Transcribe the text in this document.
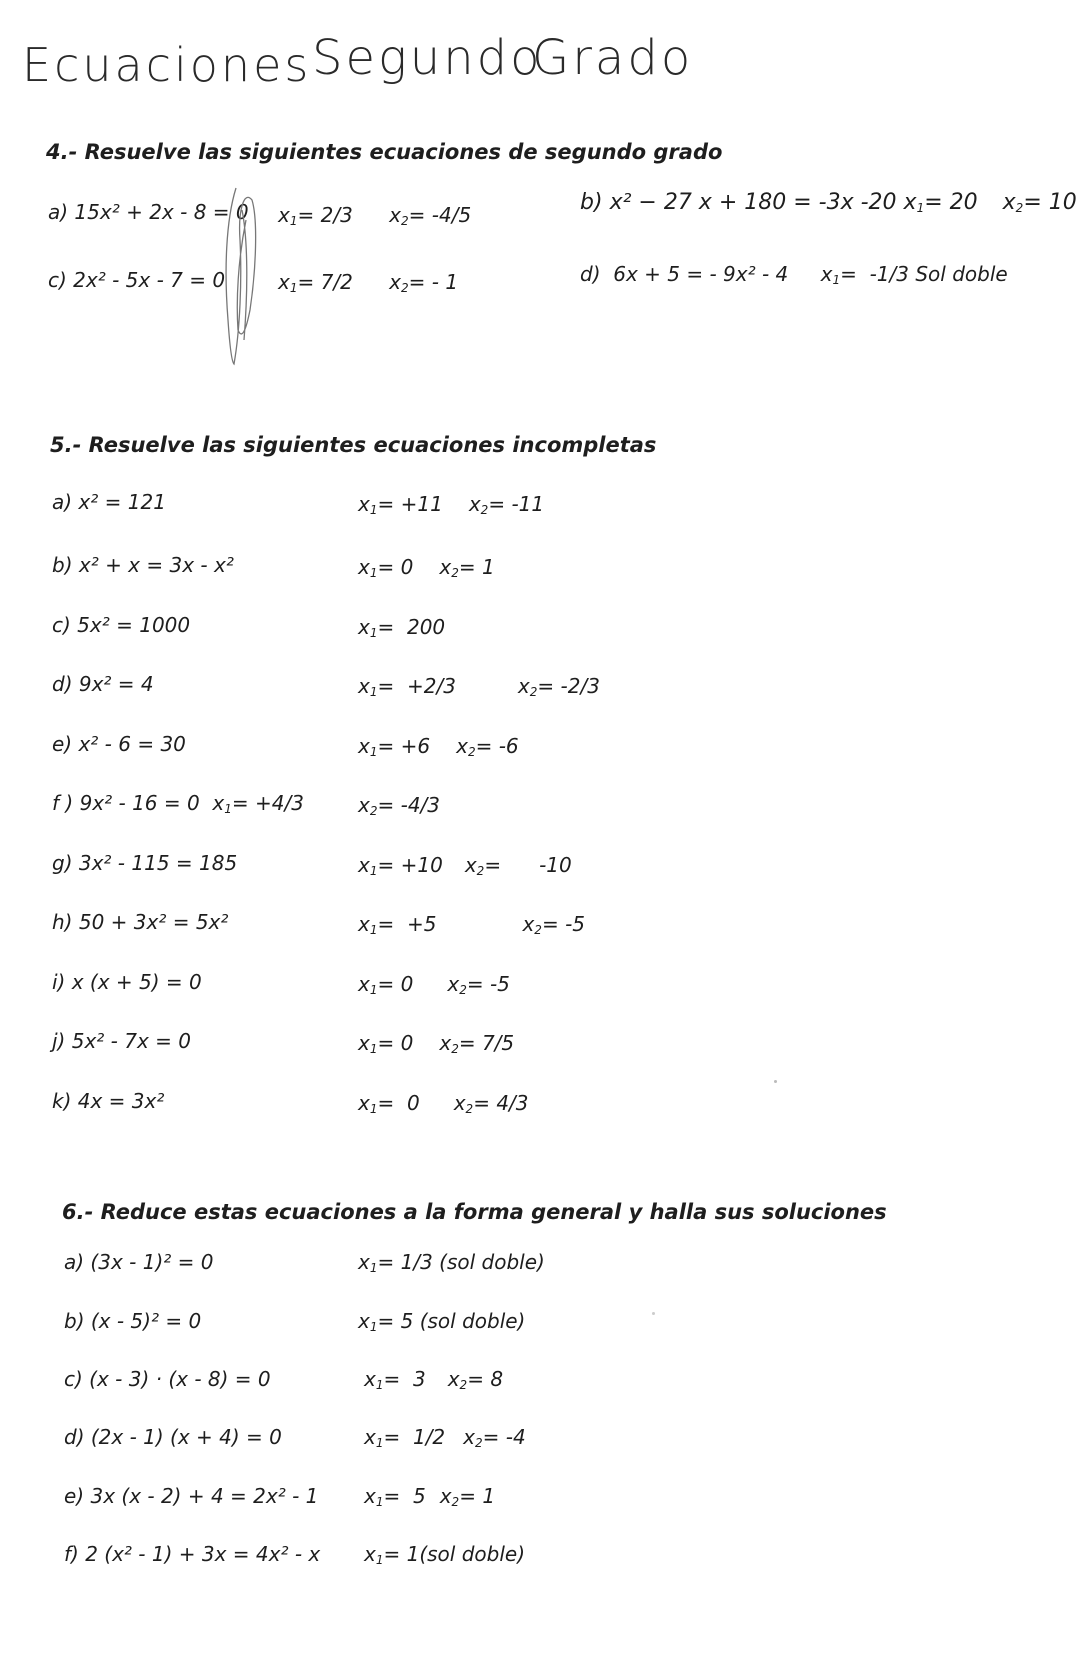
Ecuaciones Segundo
Grado
4.- Resuelve las siguientes ecuaciones de segundo grado
a) 15x² + 2x - 8 = 0 $x_1= 2/3$ $x_2= -4/5$	b) x² − 27 x + 180 = -3x -20 $x_1= 20$ $x_2= 10$
c) 2x² - 5x - 7 = 0	$x_1= 7/2$ $x_2= - 1$	d) 6x + 5 = - 9x² - 4 $x_1= -1/3$ Sol doble
5.- Resuelve las siguientes ecuaciones incompletas
a) x² = 121	$x_1= +11$ $x_2= -11$
b) x² + x = 3x - x²	$x_1= 0$ $x_2= 1$
c) 5x² = 1000	$x_1= 200$
d) 9x² = 4	$x_1= +2/3$	$x_2= -2/3$
e) x² - 6 = 30	$x_1= +6$ $x_2= -6$
f ) 9x² - 16 = 0  $x_1= +4/3$	$x_2= -4/3$
g) 3x² - 115 = 185	$x_1= +10$ $x_2= -10$
h) 50 + 3x² = 5x²	$x_1= +5$	$x_2= -5$
i) x (x + 5) = 0	$x_1= 0$ $x_2= -5$
j) 5x² - 7x = 0	$x_1= 0$ $x_2= 7/5$
k) 4x = 3x²	$x_1= 0$ $x_2= 4/3$
6.- Reduce estas ecuaciones a la forma general y halla sus soluciones
a) (3x - 1)² = 0	$x_1= 1/3$ (sol doble)
b) (x - 5)² = 0	$x_1= 5$ (sol doble)
c) (x - 3) · (x - 8) = 0	$x_1= 3$ $x_2= 8$
d) (2x - 1) (x + 4) = 0	$x_1= 1/2$ $x_2= -4$
e) 3x (x - 2) + 4 = 2x² - 1 $x_1= 5$ $x_2= 1$
f) 2 (x² - 1) + 3x = 4x² - x $x_1= 1(sol$ doble)
